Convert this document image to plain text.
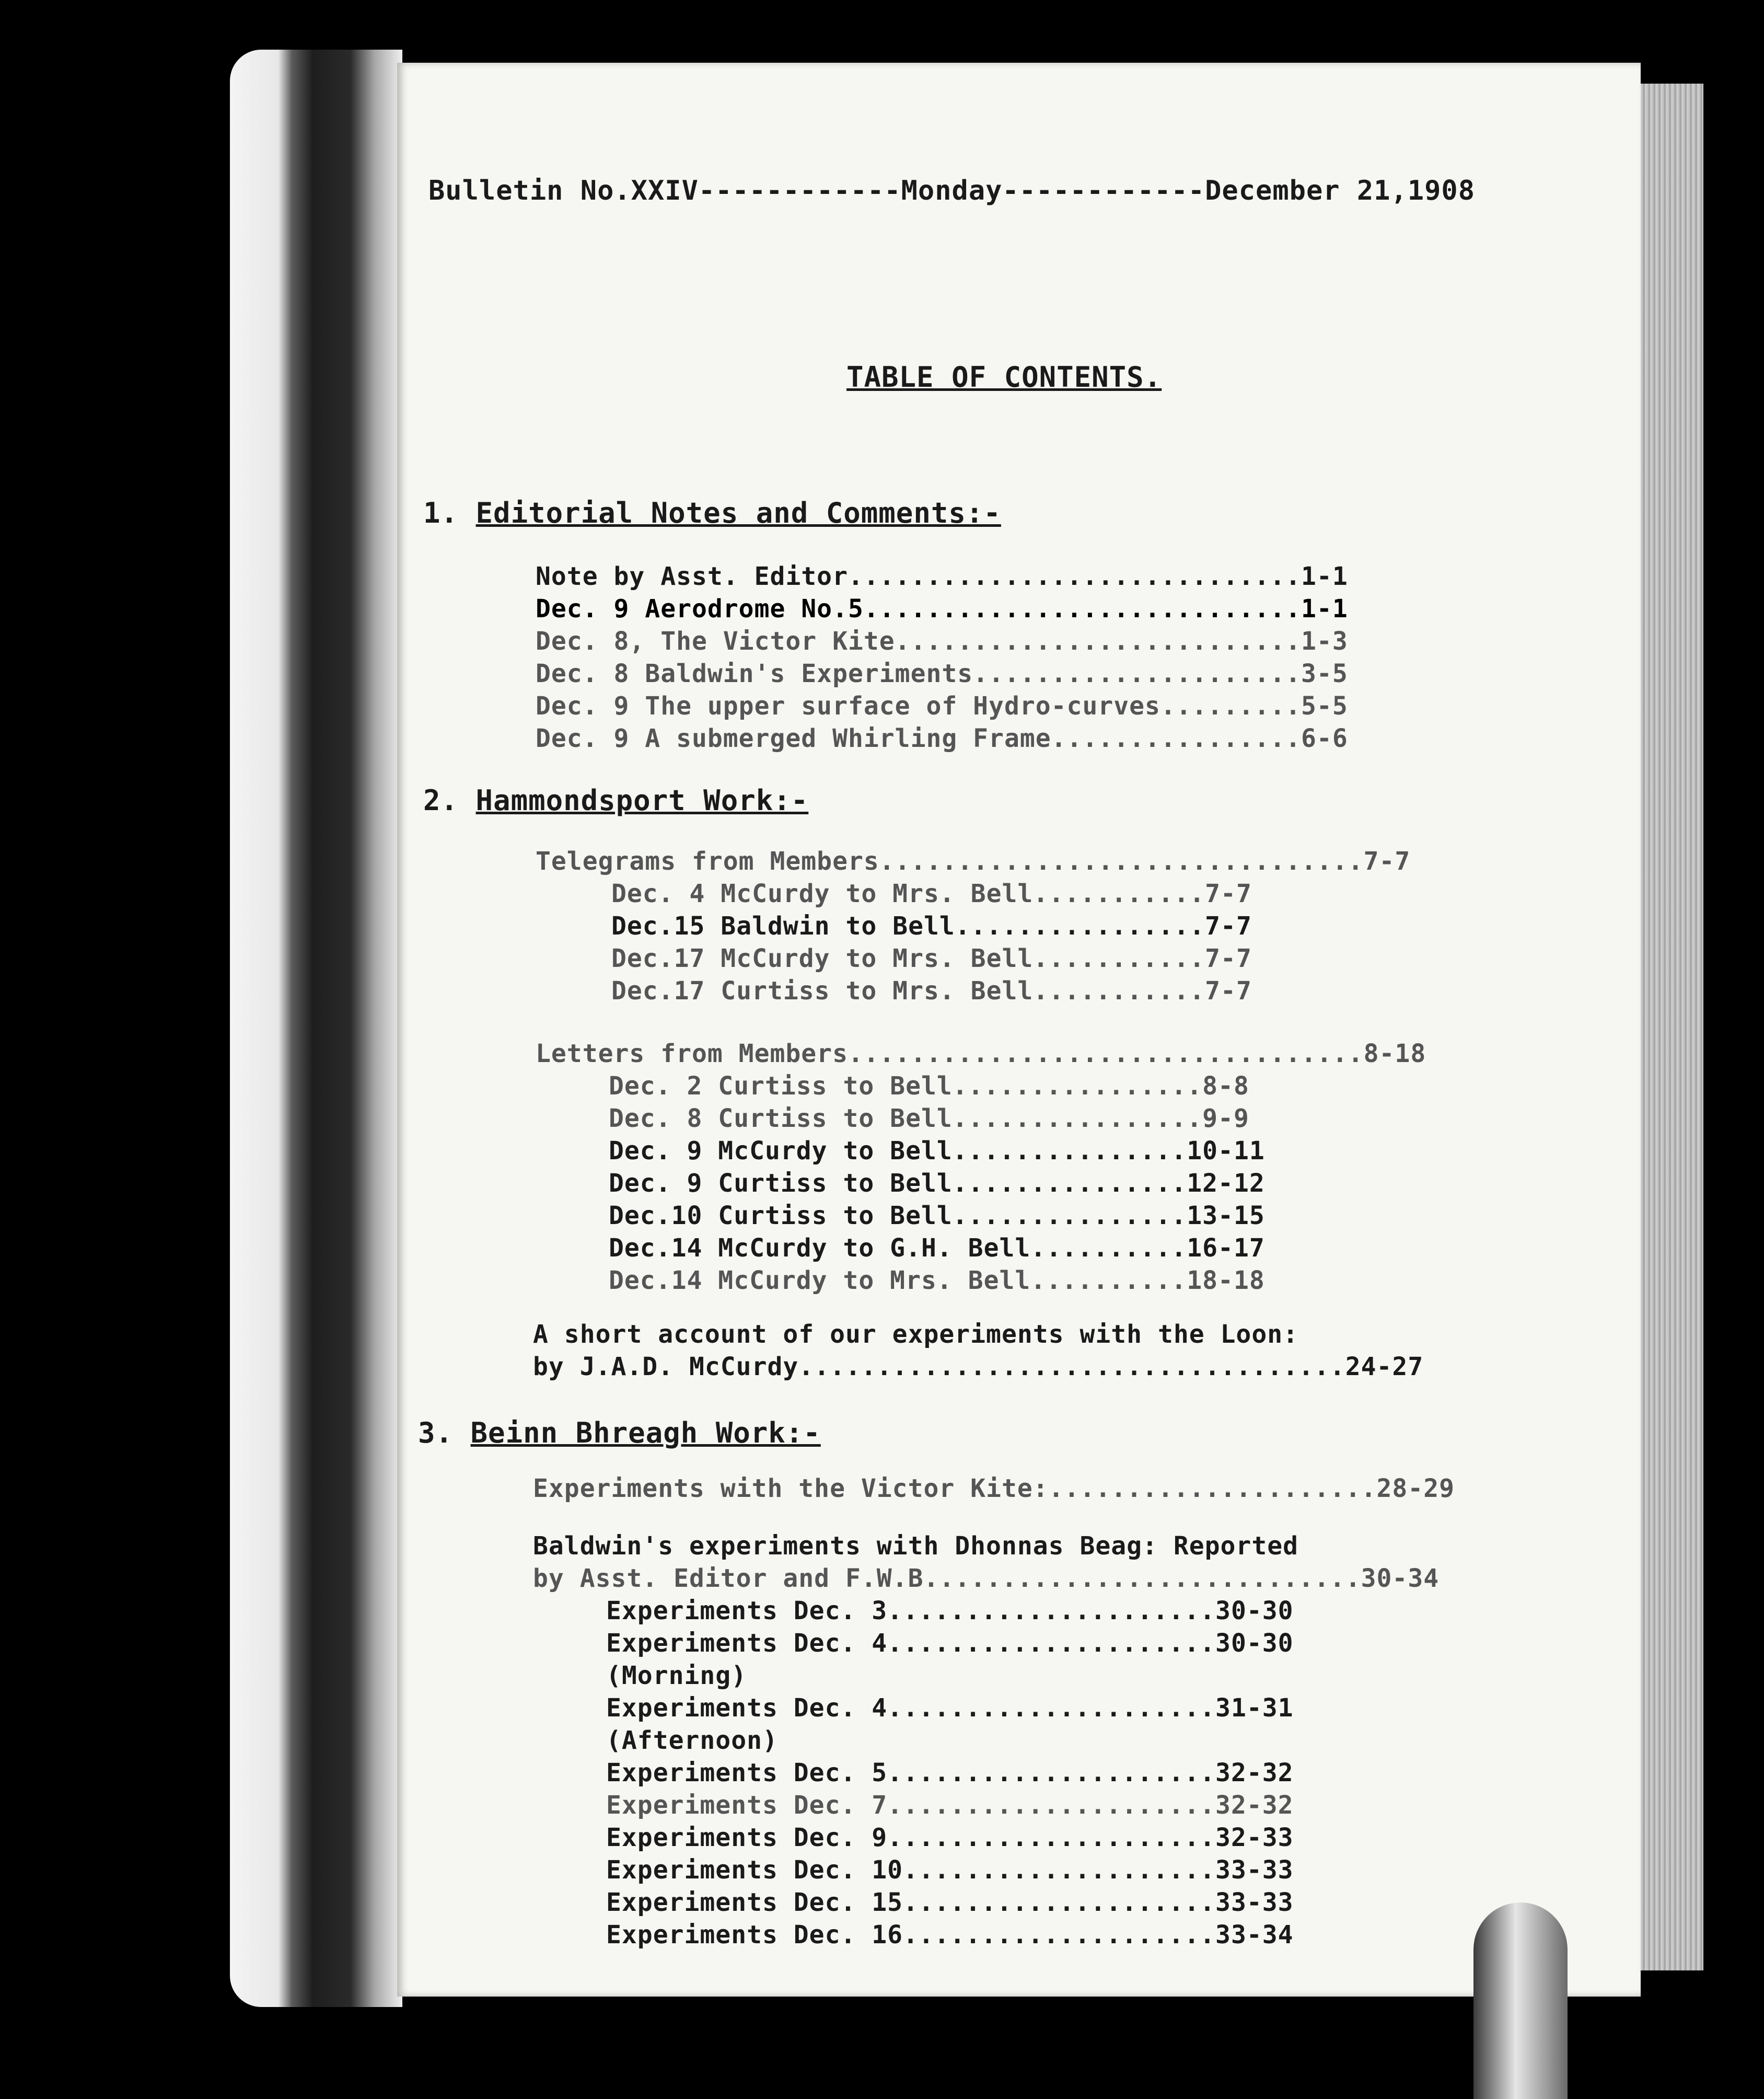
Bulletin No.XXIV------------Monday------------December 21,1908
TABLE OF CONTENTS.
1. Editorial Notes and Comments:-
Note by Asst. Editor.............................1-1
Dec. 9 Aerodrome No.5............................1-1
Dec. 8, The Victor Kite..........................1-3
Dec. 8 Baldwin's Experiments.....................3-5
Dec. 9 The upper surface of Hydro-curves.........5-5
Dec. 9 A submerged Whirling Frame................6-6
2. Hammondsport Work:-
Telegrams from Members...............................7-7
Dec. 4 McCurdy to Mrs. Bell...........7-7
Dec.15 Baldwin to Bell................7-7
Dec.17 McCurdy to Mrs. Bell...........7-7
Dec.17 Curtiss to Mrs. Bell...........7-7
Letters from Members.................................8-18
Dec. 2 Curtiss to Bell................8-8
Dec. 8 Curtiss to Bell................9-9
Dec. 9 McCurdy to Bell...............10-11
Dec. 9 Curtiss to Bell...............12-12
Dec.10 Curtiss to Bell...............13-15
Dec.14 McCurdy to G.H. Bell..........16-17
Dec.14 McCurdy to Mrs. Bell..........18-18
A short account of our experiments with the Loon:
by J.A.D. McCurdy...................................24-27
3. Beinn Bhreagh Work:-
Experiments with the Victor Kite:.....................28-29
Baldwin's experiments with Dhonnas Beag: Reported
by Asst. Editor and F.W.B............................30-34
Experiments Dec. 3.....................30-30
Experiments Dec. 4.....................30-30
(Morning)
Experiments Dec. 4.....................31-31
(Afternoon)
Experiments Dec. 5.....................32-32
Experiments Dec. 7.....................32-32
Experiments Dec. 9.....................32-33
Experiments Dec. 10....................33-33
Experiments Dec. 15....................33-33
Experiments Dec. 16....................33-34
